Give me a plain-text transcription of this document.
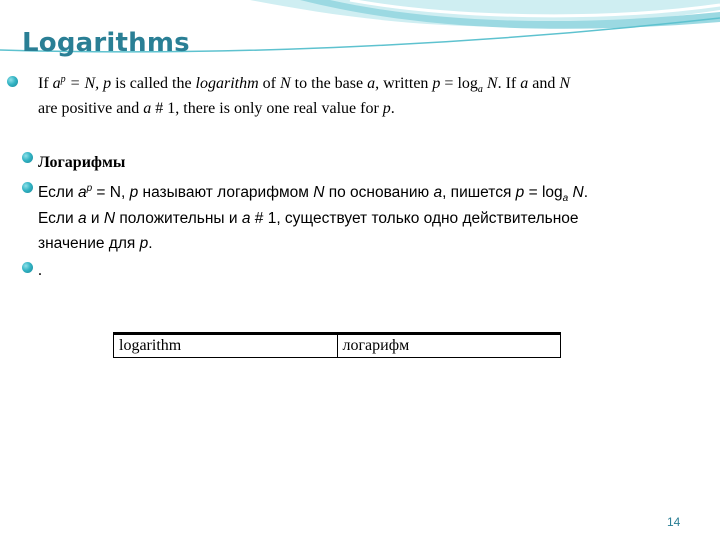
Logarithms
If $a^p = N$, p is called the logarithm of N to the base a, written $p = \log_a N$. If a and N
are positive and a # 1, there is only one real value for p.
Логарифмы
Если $a^p = N$, p называют логарифмом N по основанию a, пишется $p = \log_a N$.
Если a и N положительны и a # 1, существует только одно действительное
значение для p.
.
logarithm	логарифм
14
